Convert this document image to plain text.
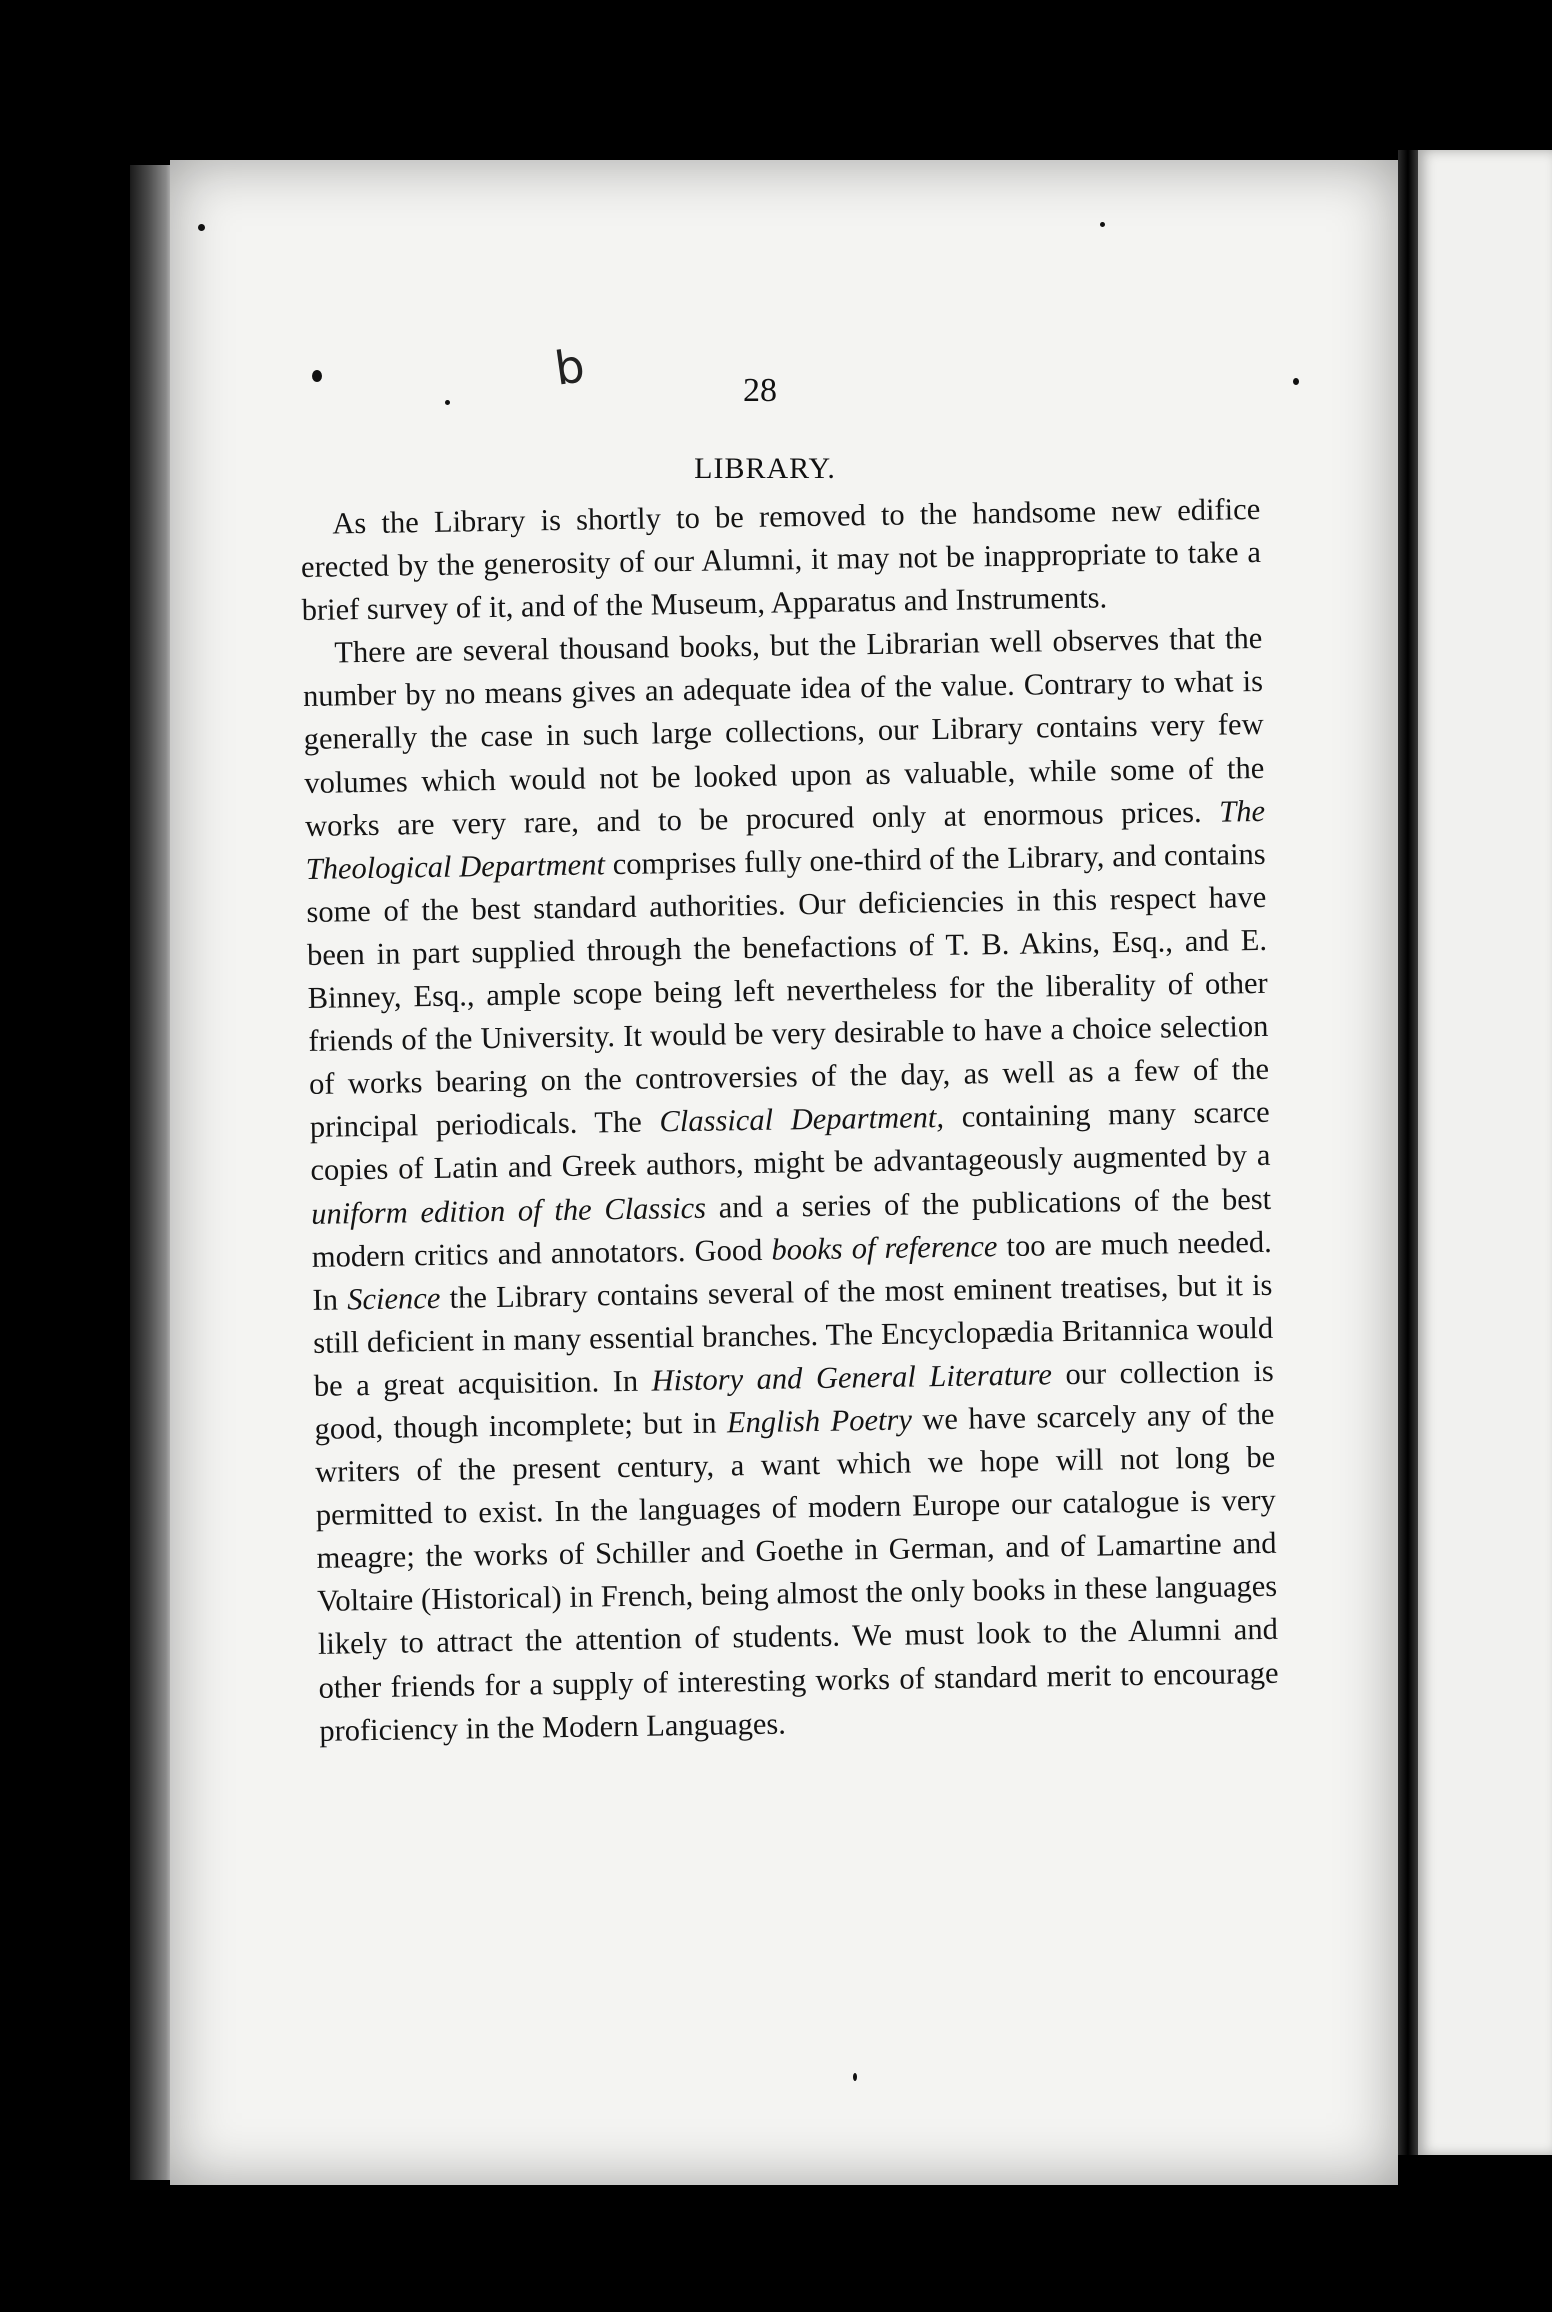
b	28
LIBRARY.

As the Library is shortly to be removed to the handsome new edifice erected by the generosity of our Alumni, it may not be inappropriate to take a brief survey of it, and of the Museum, Apparatus and Instruments.

There are several thousand books, but the Librarian well observes that the number by no means gives an adequate idea of the value. Contrary to what is generally the case in such large collections, our Library contains very few volumes which would not be looked upon as valuable, while some of the works are very rare, and to be procured only at enormous prices. The Theological Department comprises fully one-third of the Library, and contains some of the best standard authorities. Our deficiencies in this respect have been in part supplied through the benefactions of T. B. Akins, Esq., and E. Binney, Esq., ample scope being left nevertheless for the liberality of other friends of the University. It would be very desirable to have a choice selection of works bearing on the controversies of the day, as well as a few of the principal periodicals. The Classical Department, containing many scarce copies of Latin and Greek authors, might be advantageously augmented by a uniform edition of the Classics and a series of the publications of the best modern critics and annotators. Good books of reference too are much needed. In Science the Library contains several of the most eminent treatises, but it is still deficient in many essential branches. The Encyclopædia Britannica would be a great acquisition. In History and General Literature our collection is good, though incomplete; but in English Poetry we have scarcely any of the writers of the present century, a want which we hope will not long be permitted to exist. In the languages of modern Europe our catalogue is very meagre; the works of Schiller and Goethe in German, and of Lamartine and Voltaire (Historical) in French, being almost the only books in these languages likely to attract the attention of students. We must look to the Alumni and other friends for a supply of interesting works of standard merit to encourage proficiency in the Modern Languages.
